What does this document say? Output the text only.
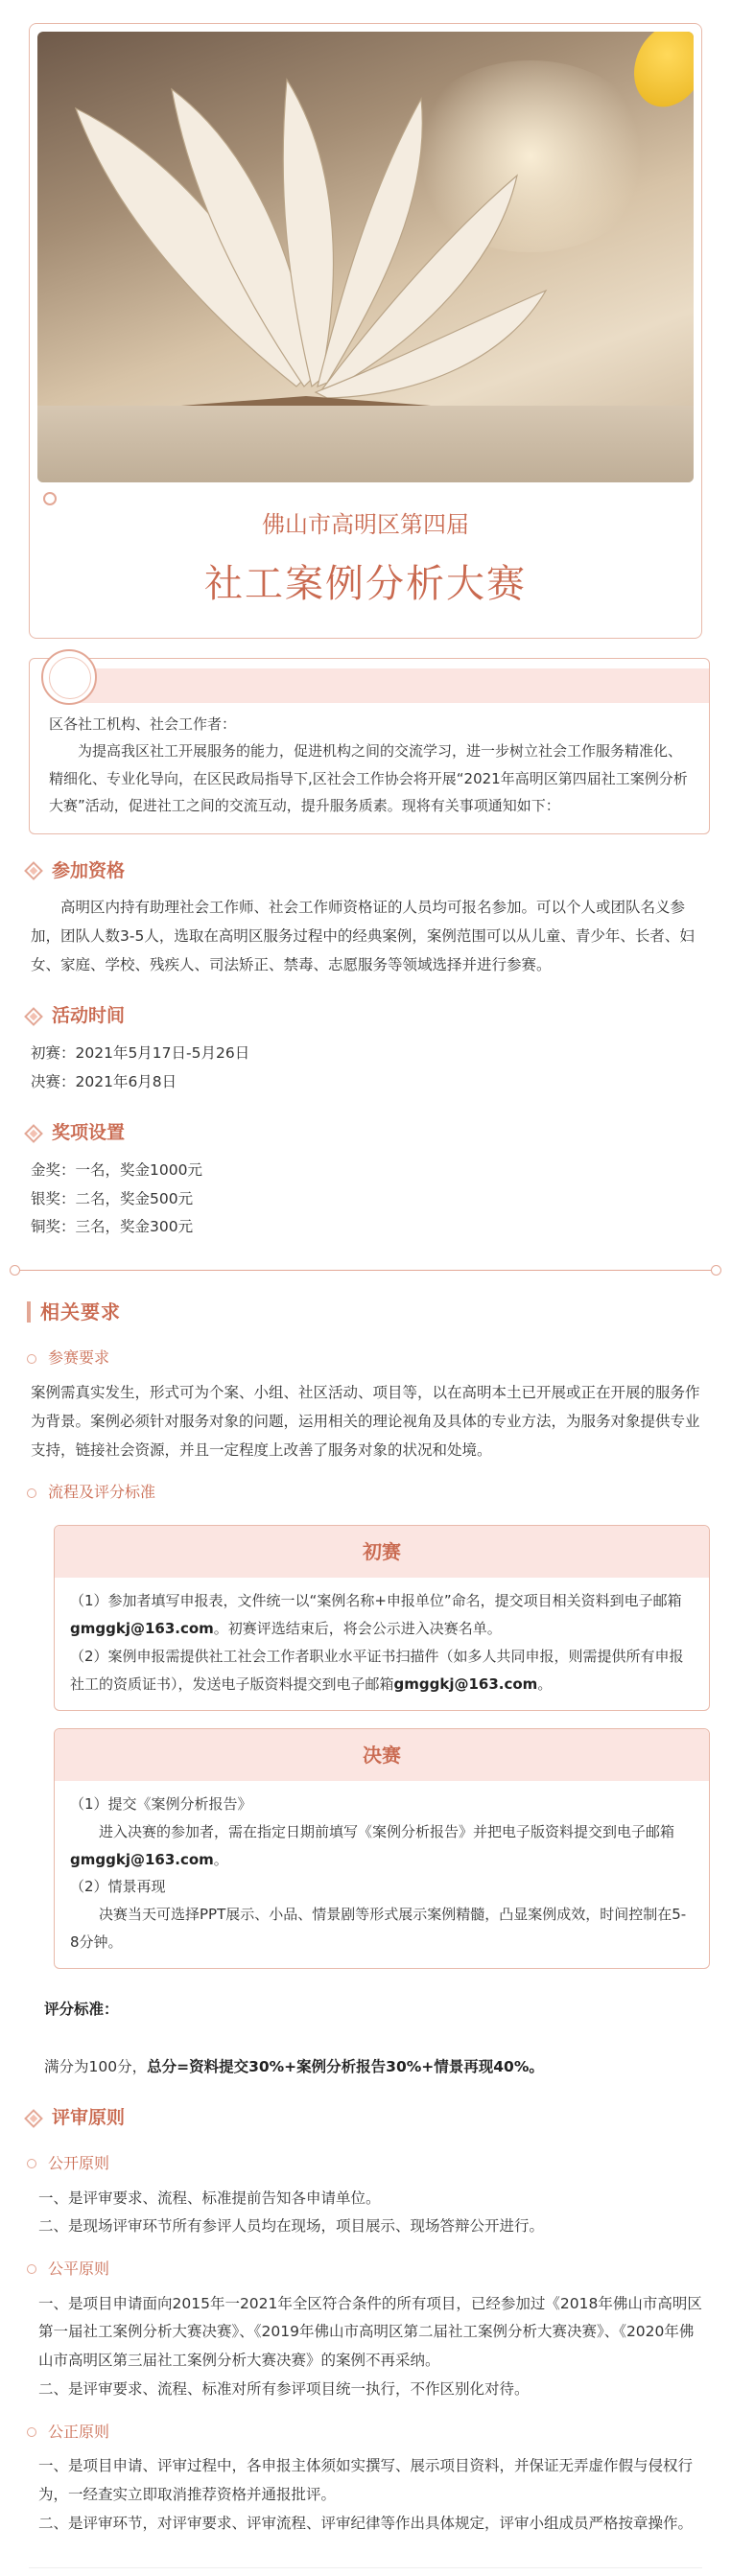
佛山市高明区第四届
社工案例分析大赛

区各社工机构、社会工作者：

为提高我区社工开展服务的能力，促进机构之间的交流学习，进一步树立社会工作服务精准化、精细化、专业化导向，在区民政局指导下,区社会工作协会将开展“2021年高明区第四届社工案例分析大赛”活动，促进社工之间的交流互动，提升服务质素。现将有关事项通知如下：

参加资格

高明区内持有助理社会工作师、社会工作师资格证的人员均可报名参加。可以个人或团队名义参加，团队人数3-5人，选取在高明区服务过程中的经典案例，案例范围可以从儿童、青少年、长者、妇女、家庭、学校、残疾人、司法矫正、禁毒、志愿服务等领域选择并进行参赛。

活动时间

初赛：2021年5月17日-5月26日

决赛：2021年6月8日

奖项设置

金奖：一名，奖金1000元

银奖：二名，奖金500元

铜奖：三名，奖金300元

相关要求
参赛要求

案例需真实发生，形式可为个案、小组、社区活动、项目等，以在高明本土已开展或正在开展的服务作为背景。案例必须针对服务对象的问题，运用相关的理论视角及具体的专业方法，为服务对象提供专业支持，链接社会资源，并且一定程度上改善了服务对象的状况和处境。

流程及评分标准
初赛

（1）参加者填写申报表，文件统一以“案例名称+申报单位”命名，提交项目相关资料到电子邮箱gmggkj@163.com。初赛评选结束后，将会公示进入决赛名单。

（2）案例申报需提供社工社会工作者职业水平证书扫描件（如多人共同申报，则需提供所有申报社工的资质证书），发送电子版资料提交到电子邮箱gmggkj@163.com。

决赛

（1）提交《案例分析报告》

进入决赛的参加者，需在指定日期前填写《案例分析报告》并把电子版资料提交到电子邮箱gmggkj@163.com。

（2）情景再现

决赛当天可选择PPT展示、小品、情景剧等形式展示案例精髓，凸显案例成效，时间控制在5-8分钟。

评分标准：
满分为100分，总分=资料提交30%+案例分析报告30%+情景再现40%。
评审原则
公开原则

一、是评审要求、流程、标准提前告知各申请单位。

二、是现场评审环节所有参评人员均在现场，项目展示、现场答辩公开进行。

公平原则

一、是项目申请面向2015年一2021年全区符合条件的所有项目，已经参加过《2018年佛山市高明区第一届社工案例分析大赛决赛》、《2019年佛山市高明区第二届社工案例分析大赛决赛》、《2020年佛山市高明区第三届社工案例分析大赛决赛》的案例不再采纳。

二、是评审要求、流程、标准对所有参评项目统一执行，不作区别化对待。

公正原则

一、是项目申请、评审过程中，各申报主体须如实撰写、展示项目资料，并保证无弄虚作假与侵权行为，一经查实立即取消推荐资格并通报批评。

二、是评审环节，对评审要求、评审流程、评审纪律等作出具体规定，评审小组成员严格按章操作。
